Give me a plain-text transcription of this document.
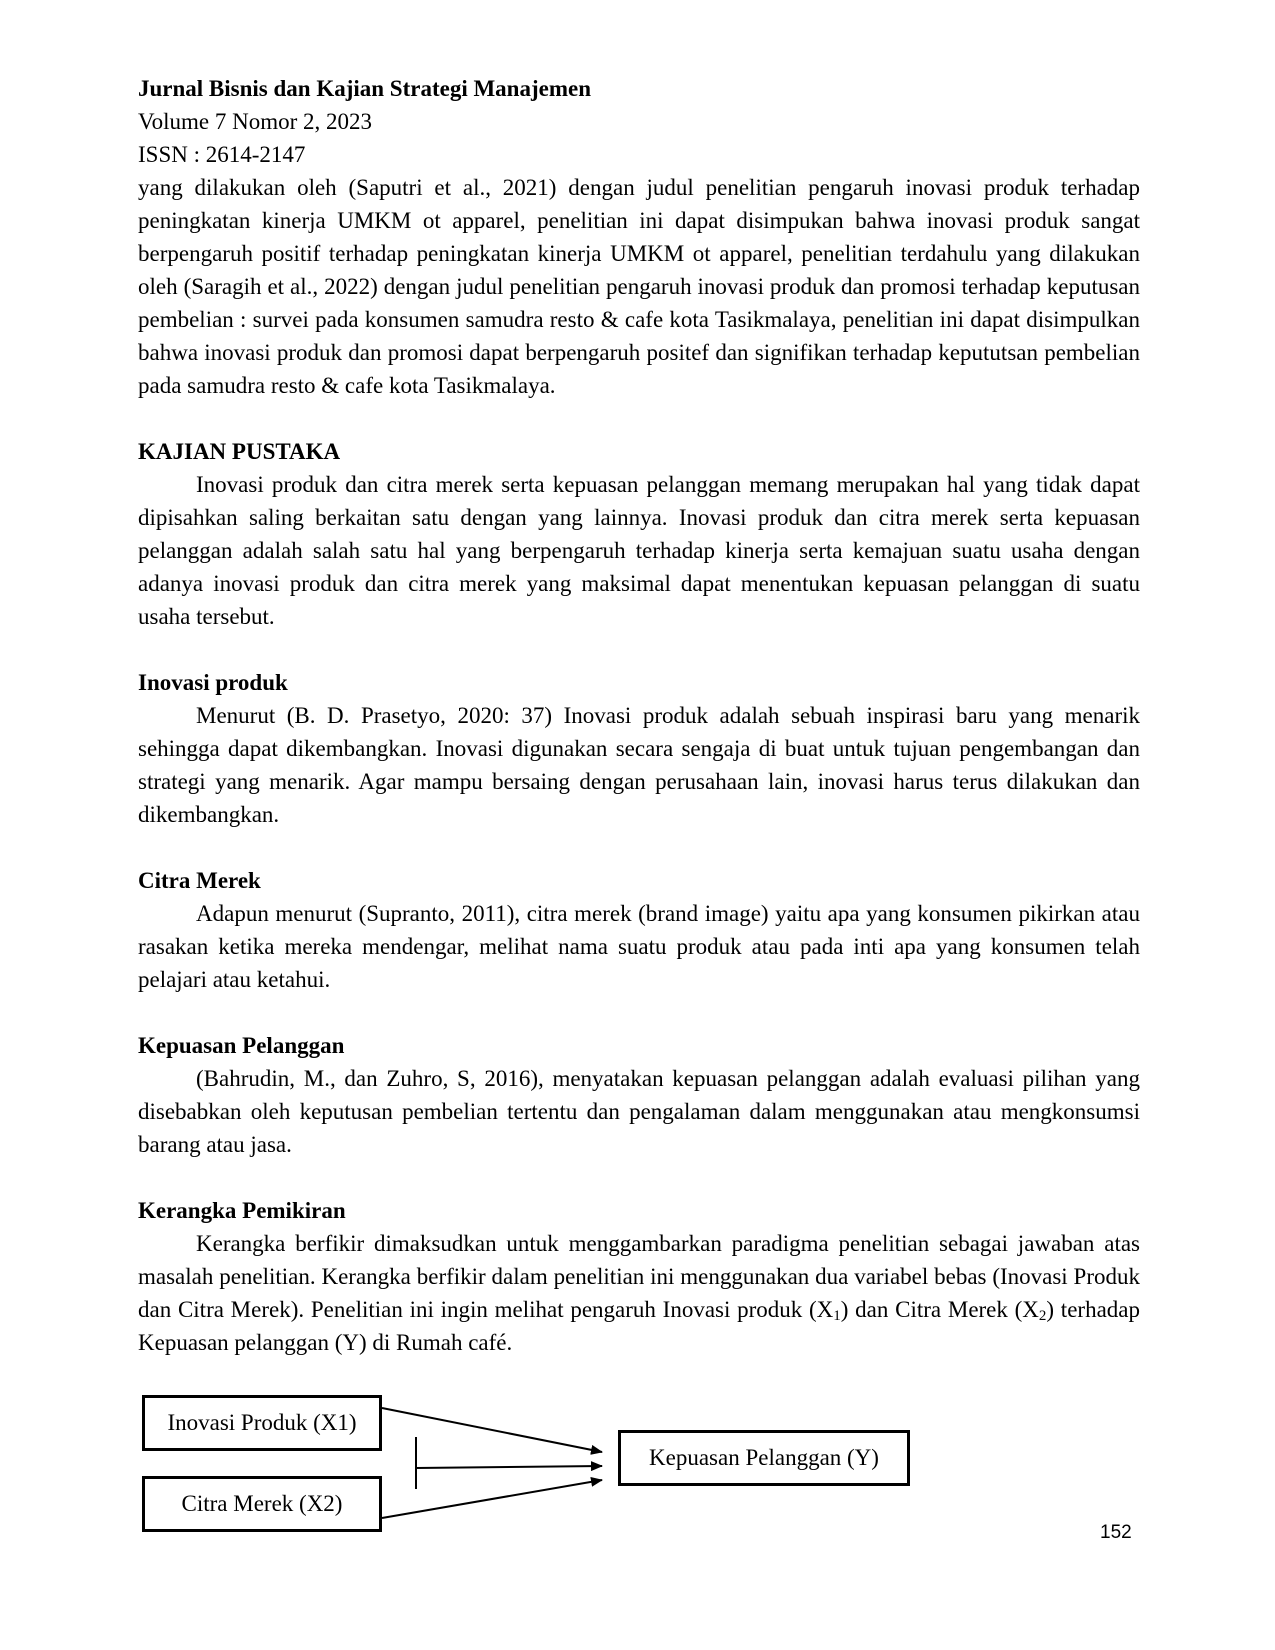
Jurnal Bisnis dan Kajian Strategi Manajemen
Volume 7 Nomor 2, 2023
ISSN : 2614-2147

yang dilakukan oleh (Saputri et al., 2021) dengan judul penelitian pengaruh inovasi produk terhadap peningkatan kinerja UMKM ot apparel, penelitian ini dapat disimpukan bahwa inovasi produk sangat berpengaruh positif terhadap peningkatan kinerja UMKM ot apparel, penelitian terdahulu yang dilakukan oleh (Saragih et al., 2022) dengan judul penelitian pengaruh inovasi produk dan promosi terhadap keputusan pembelian : survei pada konsumen samudra resto & cafe kota Tasikmalaya, penelitian ini dapat disimpulkan bahwa inovasi produk dan promosi dapat berpengaruh positef dan signifikan terhadap kepututsan pembelian pada samudra resto & cafe kota Tasikmalaya.

KAJIAN PUSTAKA

Inovasi produk dan citra merek serta kepuasan pelanggan memang merupakan hal yang tidak dapat dipisahkan saling berkaitan satu dengan yang lainnya. Inovasi produk dan citra merek serta kepuasan pelanggan adalah salah satu hal yang berpengaruh terhadap kinerja serta kemajuan suatu usaha dengan adanya inovasi produk dan citra merek yang maksimal dapat menentukan kepuasan pelanggan di suatu usaha tersebut.

Inovasi produk

Menurut (B. D. Prasetyo, 2020: 37) Inovasi produk adalah sebuah inspirasi baru yang menarik sehingga dapat dikembangkan. Inovasi digunakan secara sengaja di buat untuk tujuan pengembangan dan strategi yang menarik. Agar mampu bersaing dengan perusahaan lain, inovasi harus terus dilakukan dan dikembangkan.

Citra Merek

Adapun menurut (Supranto, 2011), citra merek (brand image) yaitu apa yang konsumen pikirkan atau rasakan ketika mereka mendengar, melihat nama suatu produk atau pada inti apa yang konsumen telah pelajari atau ketahui.

Kepuasan Pelanggan

(Bahrudin, M., dan Zuhro, S, 2016), menyatakan kepuasan pelanggan adalah evaluasi pilihan yang disebabkan oleh keputusan pembelian tertentu dan pengalaman dalam menggunakan atau mengkonsumsi barang atau jasa.

Kerangka Pemikiran

Kerangka berfikir dimaksudkan untuk menggambarkan paradigma penelitian sebagai jawaban atas masalah penelitian. Kerangka berfikir dalam penelitian ini menggunakan dua variabel bebas (Inovasi Produk dan Citra Merek). Penelitian ini ingin melihat pengaruh Inovasi produk $(X_1)$ dan Citra Merek $(X_2)$ terhadap Kepuasan pelanggan (Y) di Rumah café.

Inovasi Produk (X1)
Citra Merek (X2)
Kepuasan Pelanggan (Y)
152
